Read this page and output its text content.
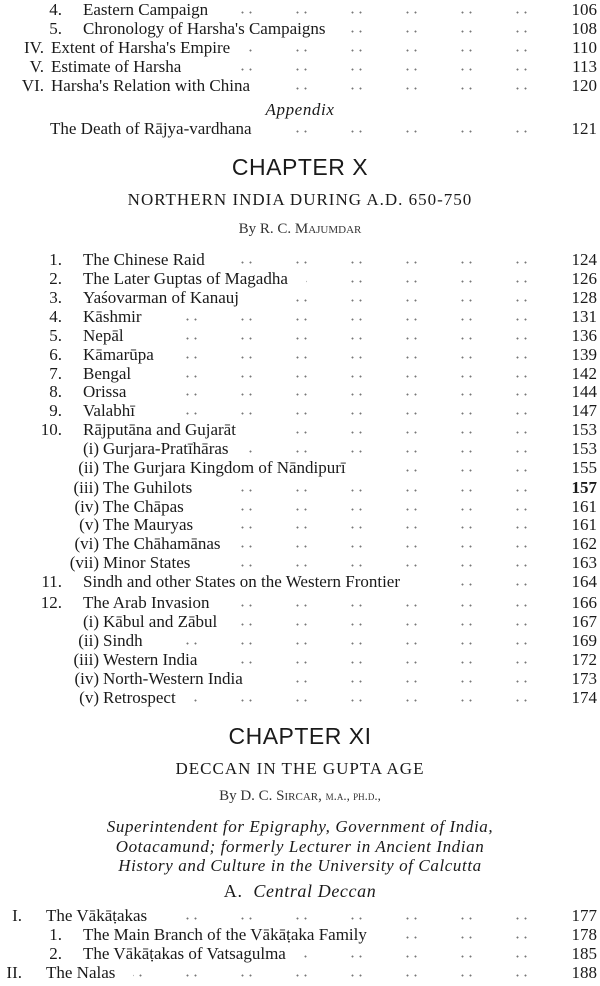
Appendix
CHAPTER X
NORTHERN INDIA DURING A.D. 650-750
By R. C. Majumdar
CHAPTER XI
DECCAN IN THE GUPTA AGE
By D. C. Sircar, m.a., ph.d.,
Superintendent for Epigraphy, Government of India,
Ootacamund; formerly Lecturer in Ancient Indian
History and Culture in the University of Calcutta
A. Central Deccan
4. Eastern Campaign	106
5. Chronology of Harsha's Campaigns	108
IV. Extent of Harsha's Empire	110
V. Estimate of Harsha	113
VI. Harsha's Relation with China	120
The Death of Rājya-vardhana	121
1. The Chinese Raid	124
2. The Later Guptas of Magadha	126
3. Yaśovarman of Kanauj	128
4. Kāshmir	131
5. Nepāl	136
6. Kāmarūpa	139
7. Bengal	142
8. Orissa	144
9. Valabhī	147
10. Rājputāna and Gujarāt	153
(i) Gurjara-Pratīhāras	153
(ii) The Gurjara Kingdom of Nāndipurī	155
(iii) The Guhilots	157
(iv) The Chāpas	161
(v) The Mauryas	161
(vi) The Chāhamānas	162
(vii) Minor States	163
11. Sindh and other States on the Western Frontier	164
12. The Arab Invasion	166
(i) Kābul and Zābul	167
(ii) Sindh	169
(iii) Western India	172
(iv) North-Western India	173
(v) Retrospect	174
I. The Vākāṭakas	177
1. The Main Branch of the Vākāṭaka Family	178
2. The Vākāṭakas of Vatsagulma	185
II. The Nalas	188
